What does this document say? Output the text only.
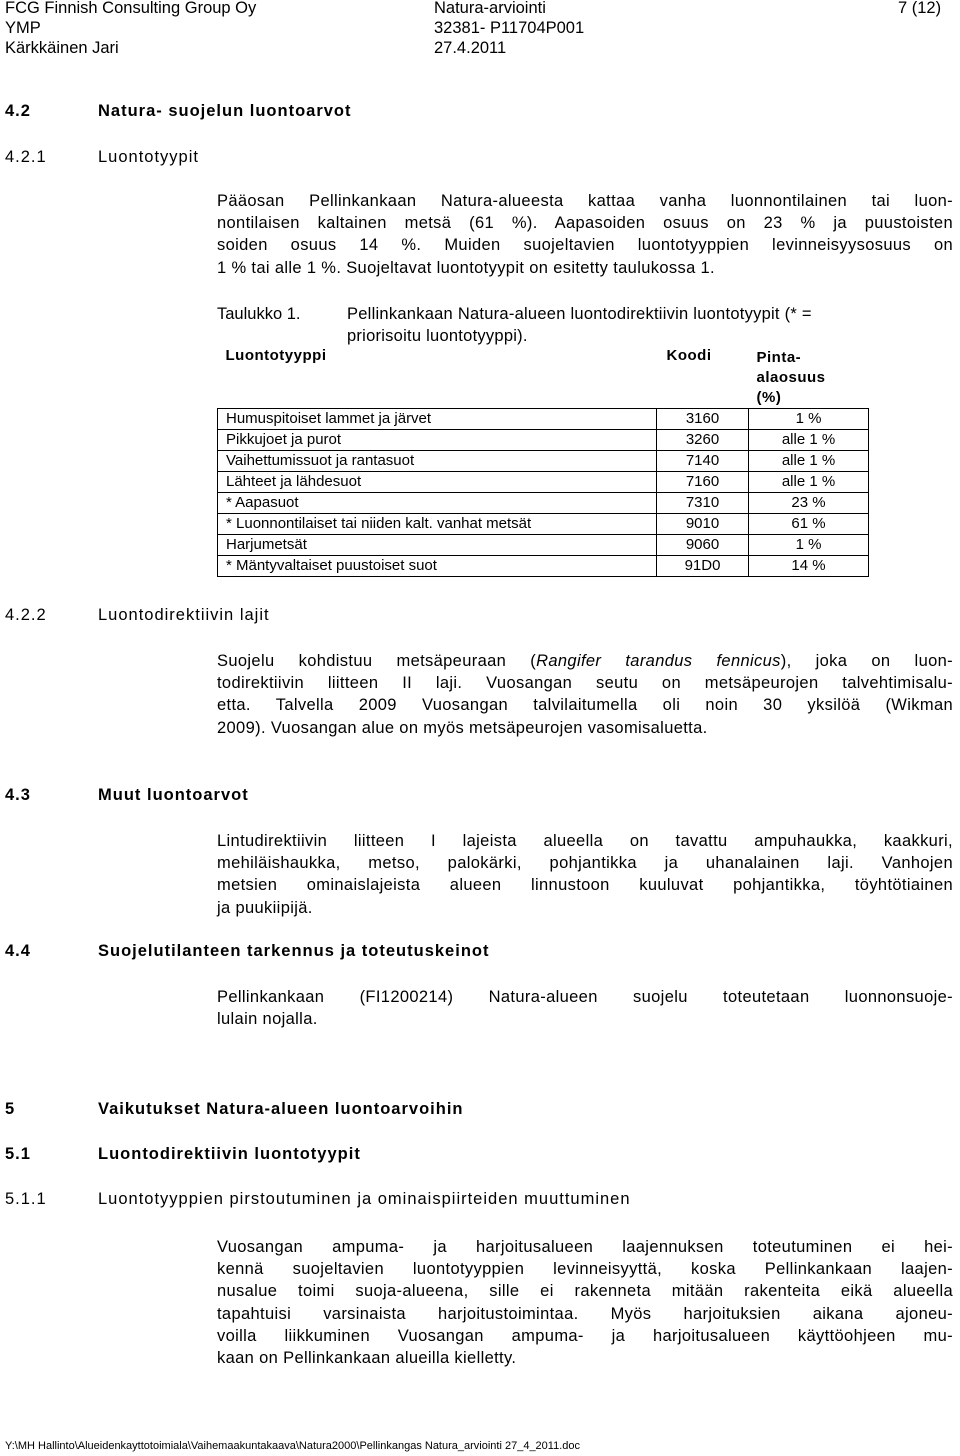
FCG Finnish Consulting Group Oy	Natura-arviointi	7 (12)
YMP	32381- P11704P001
Kärkkäinen Jari	27.4.2011
4.2	Natura- suojelun luontoarvot
4.2.1	Luontotyypit
Pääosan Pellinkankaan Natura-alueesta kattaa vanha luonnontilainen tai luon-
nontilaisen kaltainen metsä (61 %). Aapasoiden osuus on 23 % ja puustoisten
soiden osuus 14 %. Muiden suojeltavien luontotyyppien levinneisyysosuus on
1 % tai alle 1 %. Suojeltavat luontotyypit on esitetty taulukossa 1.
Taulukko 1.	Pellinkankaan Natura-alueen luontodirektiivin luontotyypit (* =
priorisoitu luontotyyppi).
Luontotyyppi	Koodi	Pinta-
alaosuus
(%)

Humuspitoiset lammet ja järvet	3160	1 %
Pikkujoet ja purot	3260	alle 1 %
Vaihettumissuot ja rantasuot	7140	alle 1 %
Lähteet ja lähdesuot	7160	alle 1 %
* Aapasuot	7310	23 %
* Luonnontilaiset tai niiden kalt. vanhat metsät	9010	61 %
Harjumetsät	9060	1 %
* Mäntyvaltaiset puustoiset suot	91D0	14 %
4.2.2	Luontodirektiivin lajit
Suojelu kohdistuu metsäpeuraan (Rangifer tarandus fennicus), joka on luon-
todirektiivin liitteen II laji. Vuosangan seutu on metsäpeurojen talvehtimisalu-
etta. Talvella 2009 Vuosangan talvilaitumella oli noin 30 yksilöä (Wikman
2009). Vuosangan alue on myös metsäpeurojen vasomisaluetta.
4.3	Muut luontoarvot
Lintudirektiivin liitteen I lajeista alueella on tavattu ampuhaukka, kaakkuri,
mehiläishaukka, metso, palokärki, pohjantikka ja uhanalainen laji. Vanhojen
metsien ominaislajeista alueen linnustoon kuuluvat pohjantikka, töyhtötiainen
ja puukiipijä.
4.4	Suojelutilanteen tarkennus ja toteutuskeinot
Pellinkankaan (FI1200214) Natura-alueen suojelu toteutetaan luonnonsuoje-
lulain nojalla.
5	Vaikutukset Natura-alueen luontoarvoihin
5.1	Luontodirektiivin luontotyypit
5.1.1	Luontotyyppien pirstoutuminen ja ominaispiirteiden muuttuminen
Vuosangan ampuma- ja harjoitusalueen laajennuksen toteutuminen ei hei-
kennä suojeltavien luontotyyppien levinneisyyttä, koska Pellinkankaan laajen-
nusalue toimi suoja-alueena, sille ei rakenneta mitään rakenteita eikä alueella
tapahtuisi varsinaista harjoitustoimintaa. Myös harjoituksien aikana ajoneu-
voilla liikkuminen Vuosangan ampuma- ja harjoitusalueen käyttöohjeen mu-
kaan on Pellinkankaan alueilla kielletty.
Y:\MH Hallinto\Alueidenkayttotoimiala\Vaihemaakuntakaava\Natura2000\Pellinkangas Natura_arviointi 27_4_2011.doc
